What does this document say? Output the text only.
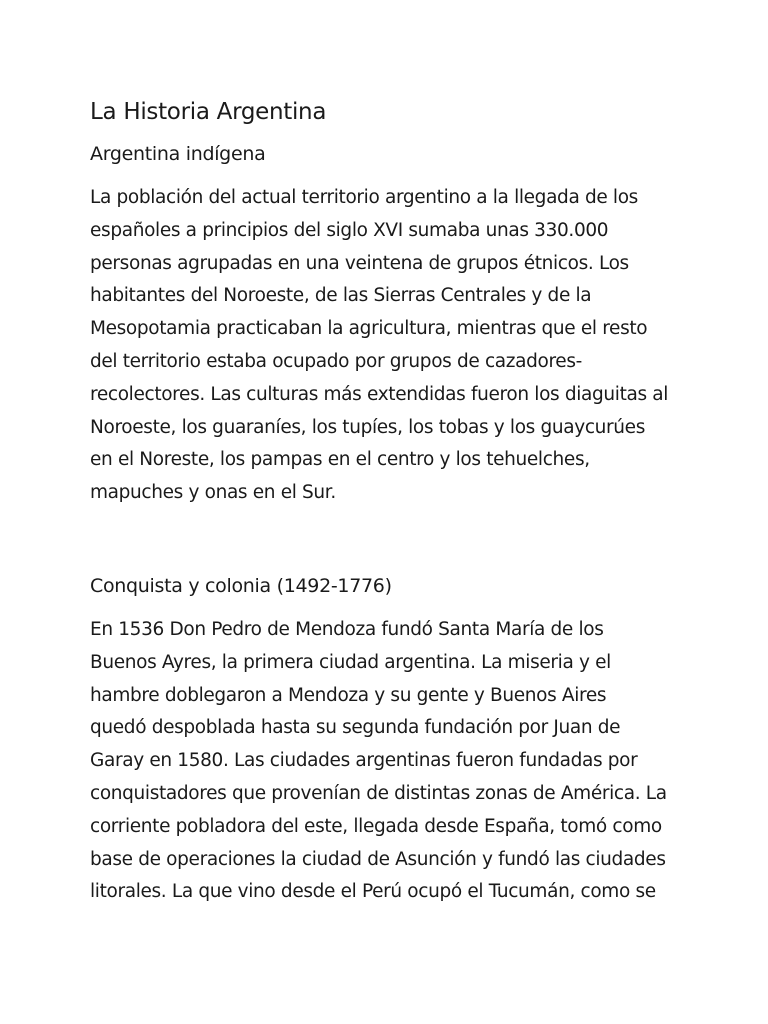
La Historia Argentina
Argentina indígena

La población del actual territorio argentino a la llegada de los
españoles a principios del siglo XVI sumaba unas 330.000
personas agrupadas en una veintena de grupos étnicos. Los
habitantes del Noroeste, de las Sierras Centrales y de la
Mesopotamia practicaban la agricultura, mientras que el resto
del territorio estaba ocupado por grupos de cazadores-
recolectores. Las culturas más extendidas fueron los diaguitas al
Noroeste, los guaraníes, los tupíes, los tobas y los guaycurúes
en el Noreste, los pampas en el centro y los tehuelches,
mapuches y onas en el Sur.

Conquista y colonia (1492-1776)

En 1536 Don Pedro de Mendoza fundó Santa María de los
Buenos Ayres, la primera ciudad argentina. La miseria y el
hambre doblegaron a Mendoza y su gente y Buenos Aires
quedó despoblada hasta su segunda fundación por Juan de
Garay en 1580. Las ciudades argentinas fueron fundadas por
conquistadores que provenían de distintas zonas de América. La
corriente pobladora del este, llegada desde España, tomó como
base de operaciones la ciudad de Asunción y fundó las ciudades
litorales. La que vino desde el Perú ocupó el Tucumán, como se
